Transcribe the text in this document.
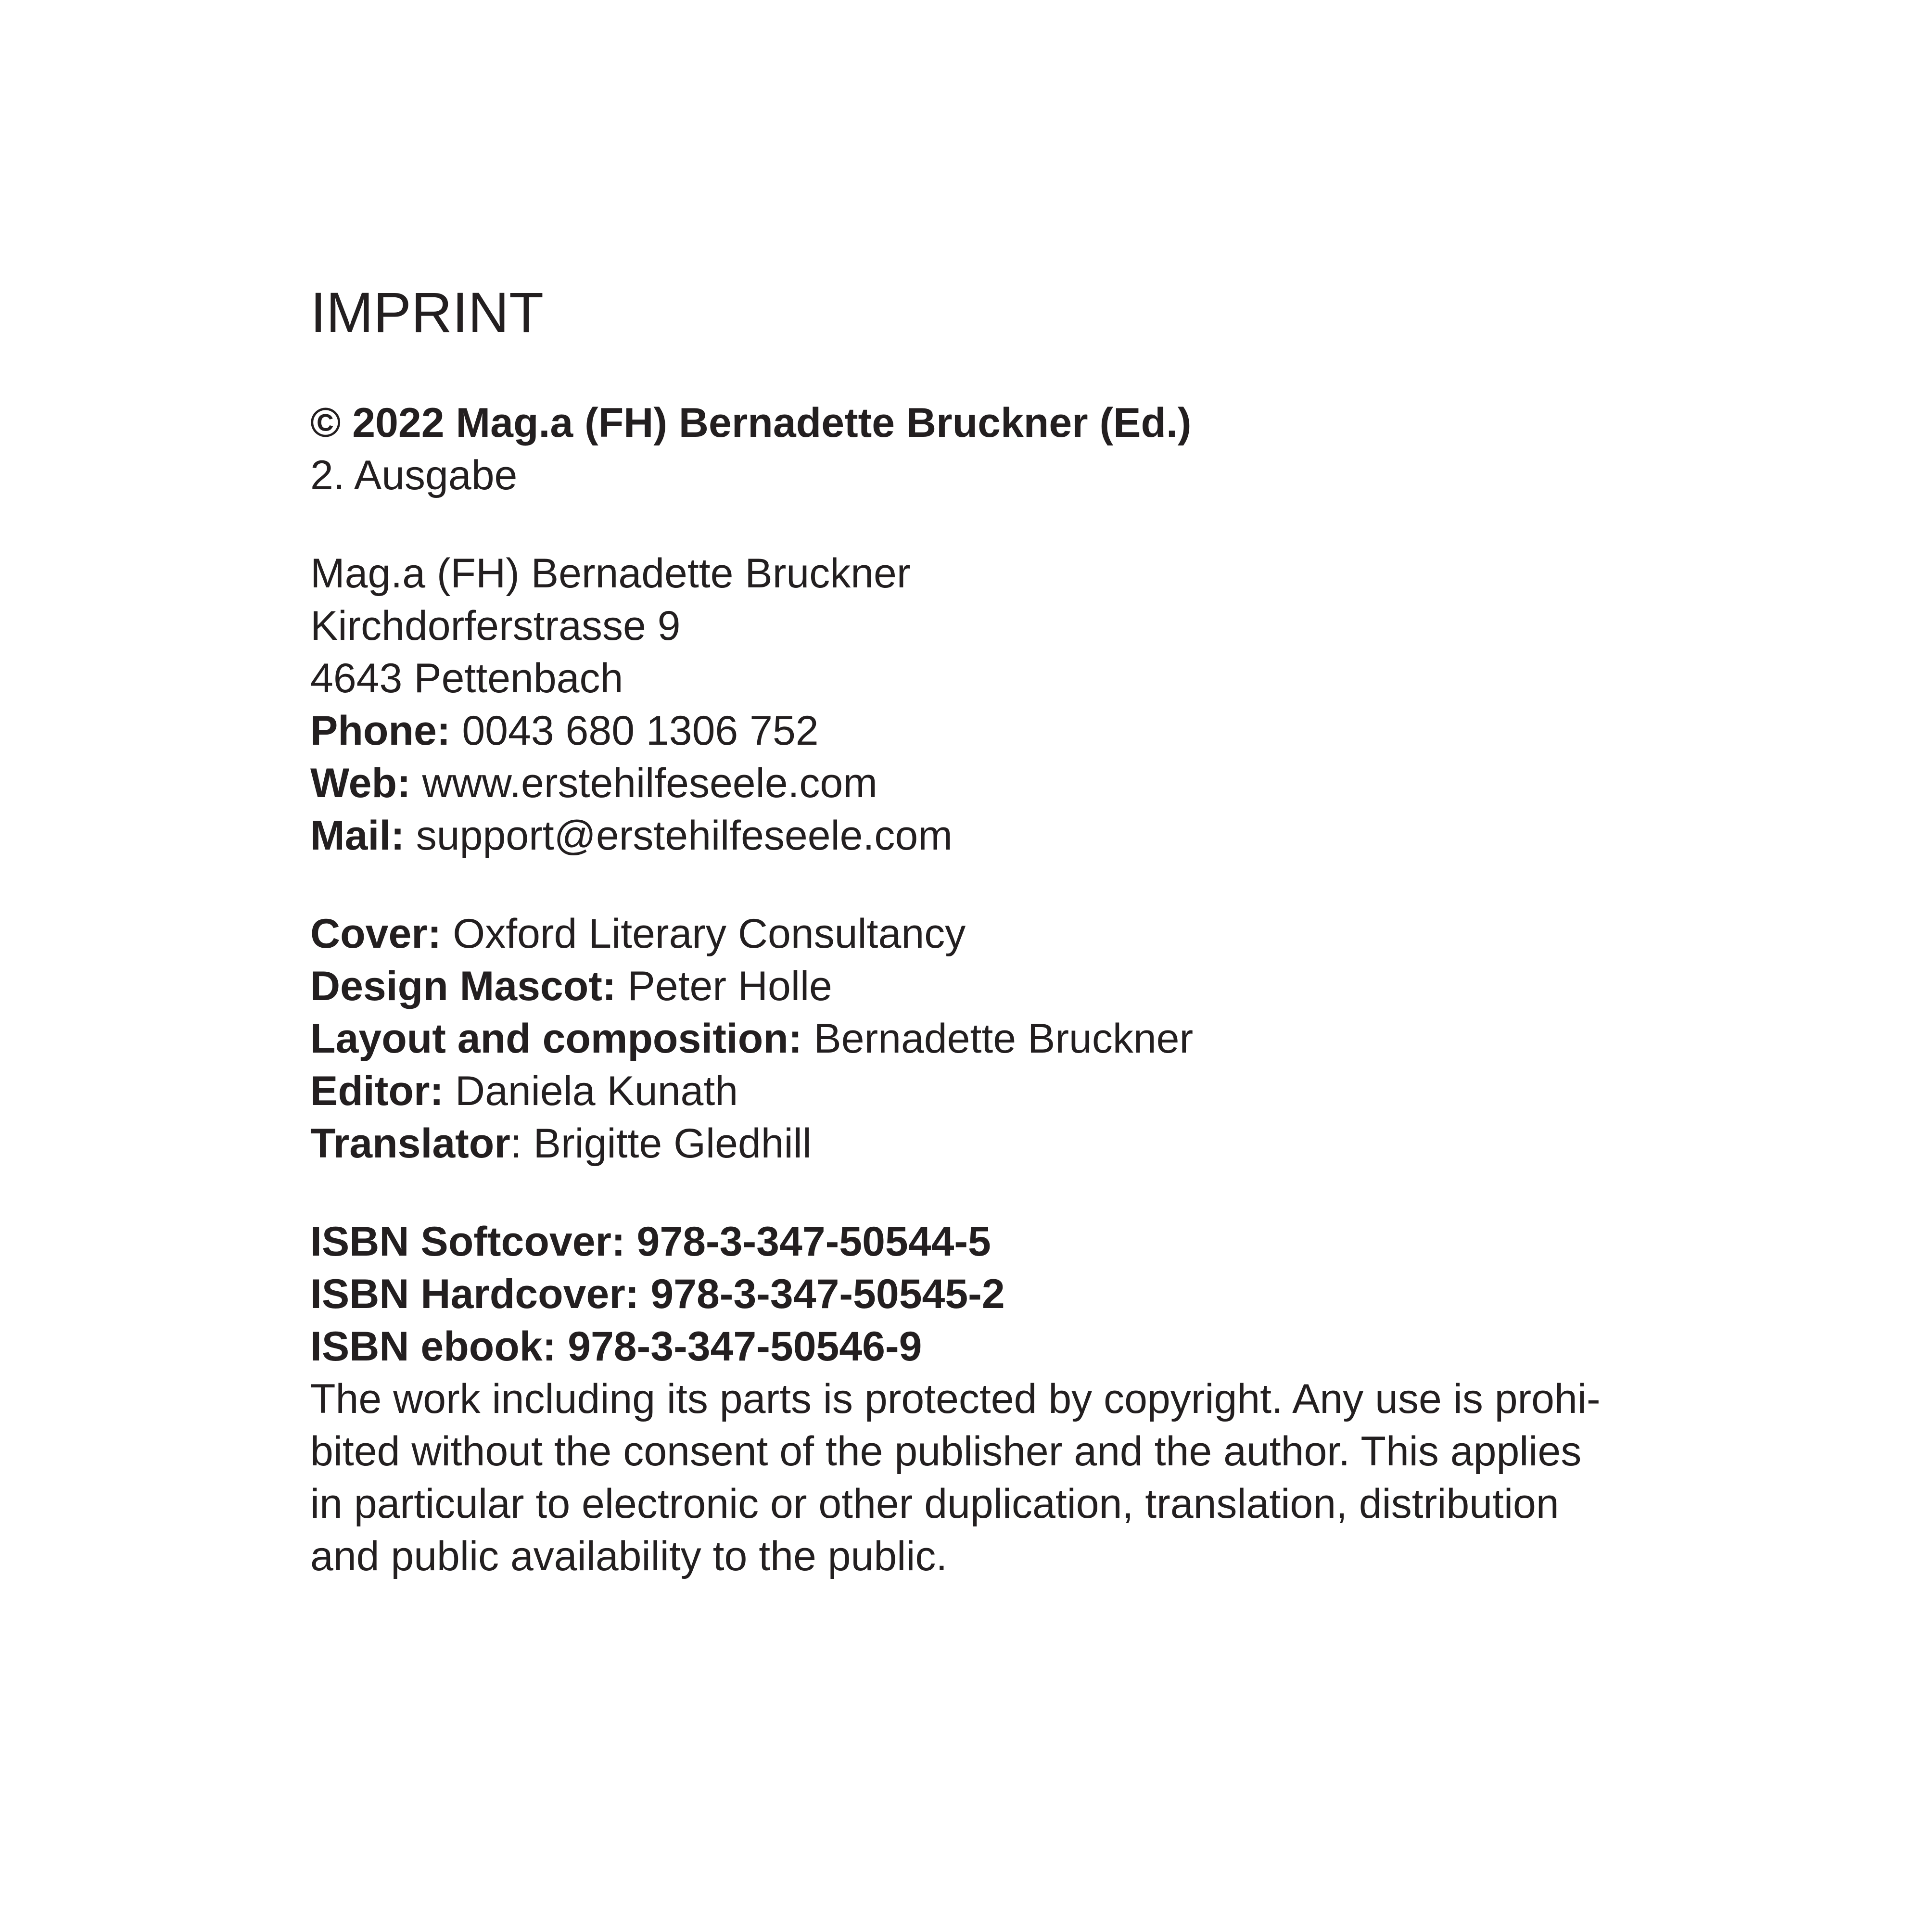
IMPRINT
© 2022 Mag.a (FH) Bernadette Bruckner (Ed.)
2. Ausgabe
Mag.a (FH) Bernadette Bruckner
Kirchdorferstrasse 9
4643 Pettenbach
Phone: 0043 680 1306 752
Web: www.erstehilfeseele.com
Mail: support@erstehilfeseele.com
Cover: Oxford Literary Consultancy
Design Mascot: Peter Holle
Layout and composition: Bernadette Bruckner
Editor: Daniela Kunath
Translator: Brigitte Gledhill
ISBN Softcover: 978-3-347-50544-5
ISBN Hardcover: 978-3-347-50545-2
ISBN ebook: 978-3-347-50546-9
The work including its parts is protected by copyright. Any use is prohi-
bited without the consent of the publisher and the author. This applies
in particular to electronic or other duplication, translation, distribution
and public availability to the public.
